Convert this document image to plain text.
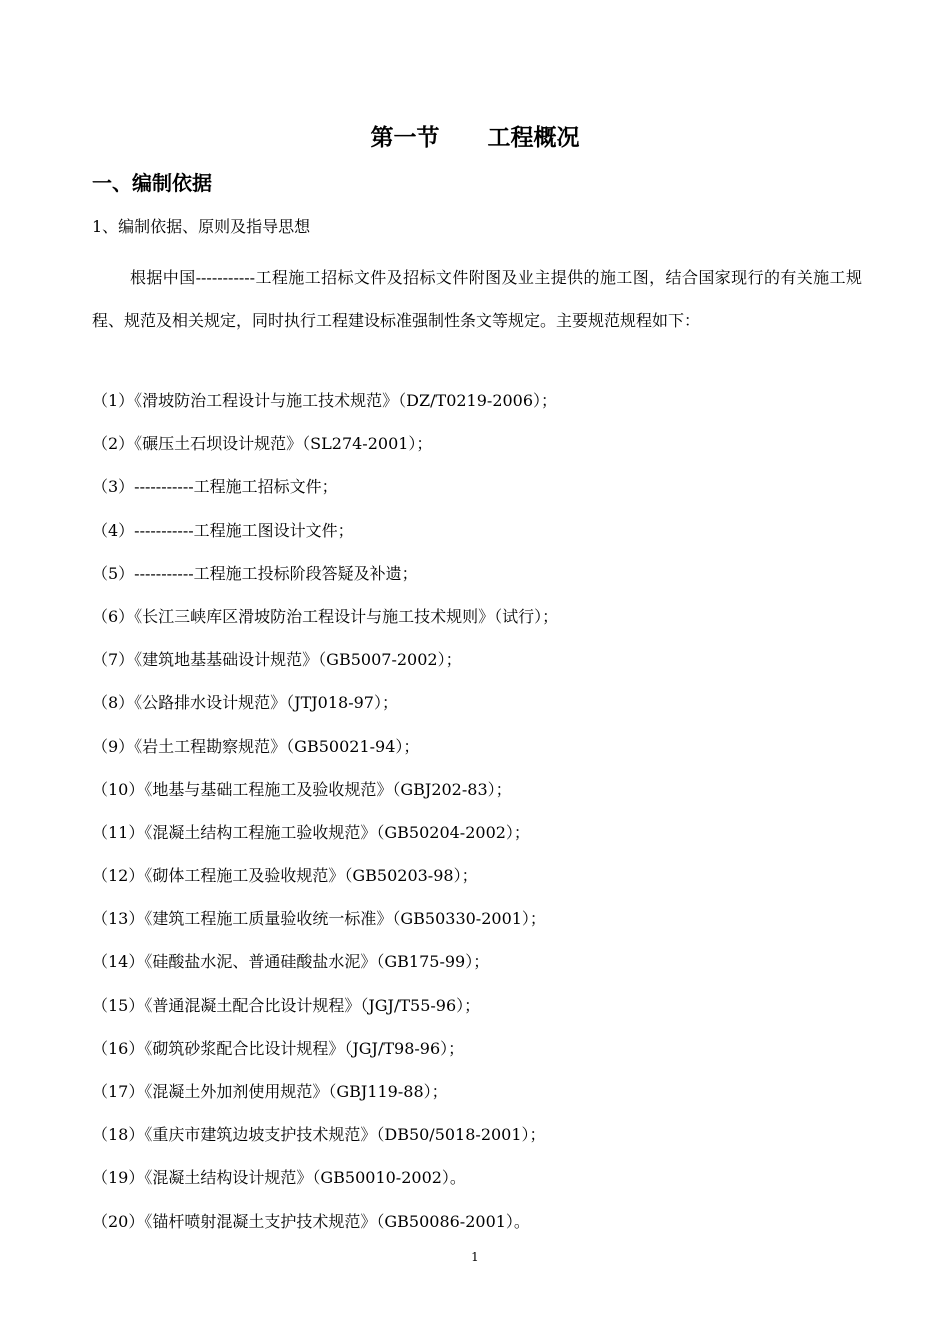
第一节      工程概况
一、编制依据
1、编制依据、原则及指导思想

根据中国-----------工程施工招标文件及招标文件附图及业主提供的施工图，结合国家现行的有关施工规程、规范及相关规定，同时执行工程建设标准强制性条文等规定。主要规范规程如下：

（1）《滑坡防治工程设计与施工技术规范》（DZ/T0219-2006）；
（2）《碾压土石坝设计规范》（SL274-2001）；
（3）-----------工程施工招标文件；
（4）-----------工程施工图设计文件；
（5）-----------工程施工投标阶段答疑及补遗；
（6）《长江三峡库区滑坡防治工程设计与施工技术规则》（试行）；
（7）《建筑地基基础设计规范》（GB5007-2002）；
（8）《公路排水设计规范》（JTJ018-97）；
（9）《岩土工程勘察规范》（GB50021-94）；
（10）《地基与基础工程施工及验收规范》（GBJ202-83）；
（11）《混凝土结构工程施工验收规范》（GB50204-2002）；
（12）《砌体工程施工及验收规范》（GB50203-98）；
（13）《建筑工程施工质量验收统一标准》（GB50330-2001）；
（14）《硅酸盐水泥、普通硅酸盐水泥》（GB175-99）；
（15）《普通混凝土配合比设计规程》（JGJ/T55-96）；
（16）《砌筑砂浆配合比设计规程》（JGJ/T98-96）；
（17）《混凝土外加剂使用规范》（GBJ119-88）；
（18）《重庆市建筑边坡支护技术规范》（DB50/5018-2001）；
（19）《混凝土结构设计规范》（GB50010-2002）。
（20）《锚杆喷射混凝土支护技术规范》（GB50086-2001）。
1
